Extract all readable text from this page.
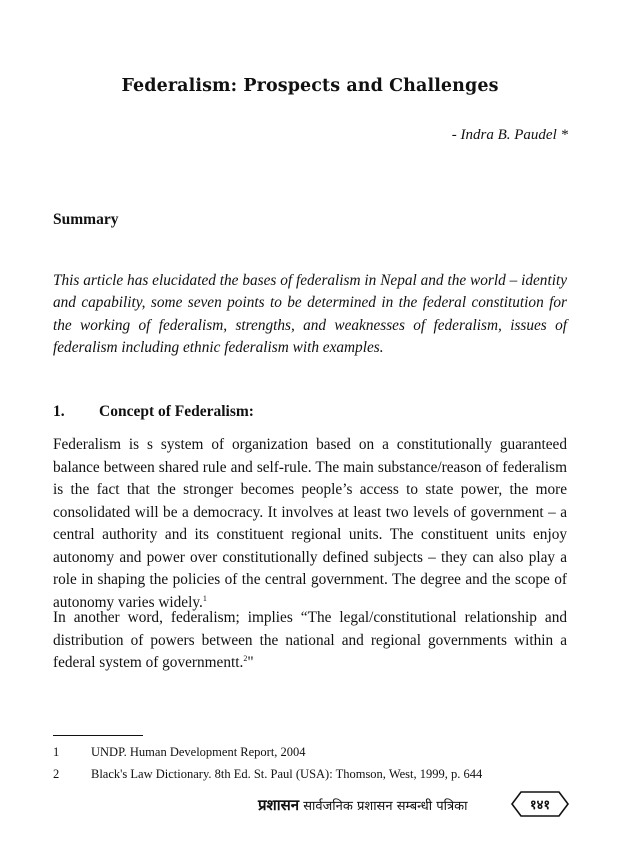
Federalism: Prospects and Challenges
- Indra B. Paudel *
Summary
This article has elucidated the bases of federalism in Nepal and the world – identity and capability, some seven points to be determined in the federal constitution for the working of federalism, strengths, and weaknesses of federalism, issues of federalism including ethnic federalism with examples.
1. Concept of Federalism:

Federalism is s system of organization based on a constitutionally guaranteed balance between shared rule and self-rule. The main substance/reason of federalism is the fact that the stronger becomes people’s access to state power, the more consolidated will be a democracy. It involves at least two levels of government – a central authority and its constituent regional units. The constituent units enjoy autonomy and power over constitutionally defined subjects – they can also play a role in shaping the policies of the central government. The degree and the scope of autonomy varies widely.$^1$

In another word, federalism; implies “The legal/constitutional relationship and distribution of powers between the national and regional governments within a federal system of governmentt.$^2$"

1	UNDP. Human Development Report, 2004
2	Black's Law Dictionary. 8th Ed. St. Paul (USA): Thomson, West, 1999, p. 644
प्रशासन सार्वजनिक प्रशासन सम्बन्धी पत्रिका	१४१
